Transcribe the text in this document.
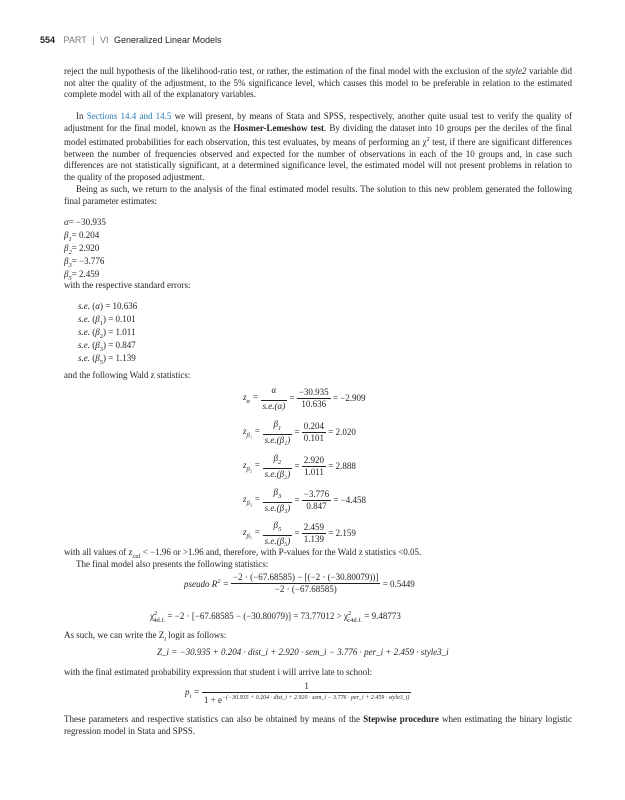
554 PART | VI Generalized Linear Models
reject the null hypothesis of the likelihood-ratio test, or rather, the estimation of the final model with the exclusion of the style2 variable did not alter the quality of the adjustment, to the 5% significance level, which causes this model to be preferable in relation to the estimated complete model with all of the explanatory variables.
In Sections 14.4 and 14.5 we will present, by means of Stata and SPSS, respectively, another quite usual test to verify the quality of adjustment for the final model, known as the Hosmer-Lemeshow test. By dividing the dataset into 10 groups per the deciles of the final model estimated probabilities for each observation, this test evaluates, by means of performing an $\chi^2$ test, if there are significant differences between the number of frequencies observed and expected for the number of observations in each of the 10 groups and, in case such differences are not statistically significant, at a determined significance level, the estimated model will not present problems in relation to the quality of the proposed adjustment.
Being as such, we return to the analysis of the final estimated model results. The solution to this new problem generated the following final parameter estimates:
α= −30.935
$\beta_1= 0.204$
$\beta_2= 2.920$
$\beta_3= -3.776$
$\beta_5= 2.459$
with the respective standard errors:
s.e. (α) = 10.636
s.e. $(\beta_1) = 0.101$
s.e. $(\beta_2) = 1.011$
s.e. $(\beta_3) = 0.847$
s.e. $(\beta_5) = 1.139$
and the following Wald z statistics:
$z_\alpha = \frac{\alpha}{s.e.(\alpha)} = \frac{-30.935}{10.636} = -2.909$
$z_{\beta_1} = \frac{\beta_1}{\text{s.e.(β₁)}} = \frac{0.204}{0.101} = 2.020$
$z_{\beta_2} = \frac{\beta_2}{\text{s.e.(β₂)}} = \frac{2.920}{1.011} = 2.888$
$z_{\beta_3} = \frac{\beta_3}{\text{s.e.(β₃)}} = \frac{-3.776}{0.847} = -4.458$
$z_{\beta_5} = \frac{\beta_5}{\text{s.e.(β₅)}} = \frac{2.459}{1.139} = 2.159$
with all values of $z_{cal} < -1.96$ or >1.96 and, therefore, with P-values for the Wald z statistics <0.05.
The final model also presents the following statistics:
pseudo $R^2 = \frac{-2 \cdot (-67.68585) - [(-2 \cdot (-30.80079))]}{-2 \cdot (-67.68585)} = 0.5449$
$\chi^2_{4d.f.} = -2 \cdot [-67.68585 - (-30.80079)] = 73.77012 > \chi^2_{c4d.f.} = 9.48773$
As such, we can write the $Z_i$ logit as follows:
Z_i = −30.935 + 0.204 · dist_i + 2.920 · sem_i − 3.776 · per_i + 2.459 · style3_i
with the final estimated probability expression that student i will arrive late to school:
$p_i$ =
1
$1 + e^{-(-30.935 + 0.204 \cdot dist\_i + 2.920 \cdot sem\_i - 3.776 \cdot per\_i + 2.459 \cdot style3\_i)}$
These parameters and respective statistics can also be obtained by means of the Stepwise procedure when estimating the binary logistic regression model in Stata and SPSS.
